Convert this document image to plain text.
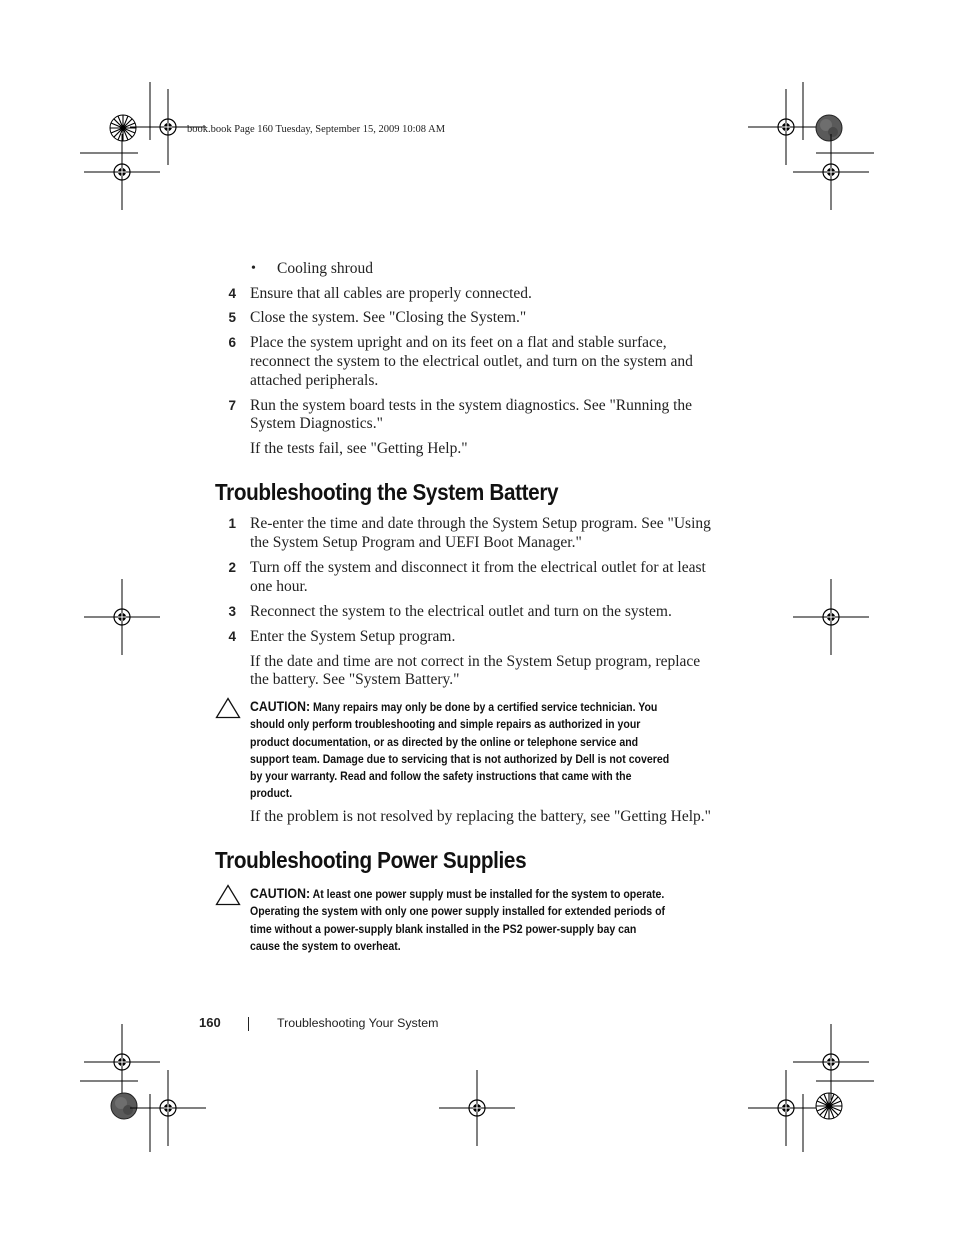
book.book Page 160 Tuesday, September 15, 2009 10:08 AM
• Cooling shroud
4 Ensure that all cables are properly connected.
5 Close the system. See "Closing the System."
6 Place the system upright and on its feet on a flat and stable surface,
reconnect the system to the electrical outlet, and turn on the system and
attached peripherals.
7 Run the system board tests in the system diagnostics. See "Running the
System Diagnostics."
If the tests fail, see "Getting Help."
Troubleshooting the System Battery
1 Re-enter the time and date through the System Setup program. See "Using
the System Setup Program and UEFI Boot Manager."
2 Turn off the system and disconnect it from the electrical outlet for at least
one hour.
3 Reconnect the system to the electrical outlet and turn on the system.
4 Enter the System Setup program.
If the date and time are not correct in the System Setup program, replace
the battery. See "System Battery."
CAUTION: Many repairs may only be done by a certified service technician. You
should only perform troubleshooting and simple repairs as authorized in your
product documentation, or as directed by the online or telephone service and
support team. Damage due to servicing that is not authorized by Dell is not covered
by your warranty. Read and follow the safety instructions that came with the
product.
If the problem is not resolved by replacing the battery, see "Getting Help."
Troubleshooting Power Supplies
CAUTION: At least one power supply must be installed for the system to operate.
Operating the system with only one power supply installed for extended periods of
time without a power-supply blank installed in the PS2 power-supply bay can
cause the system to overheat.
160	Troubleshooting Your System
